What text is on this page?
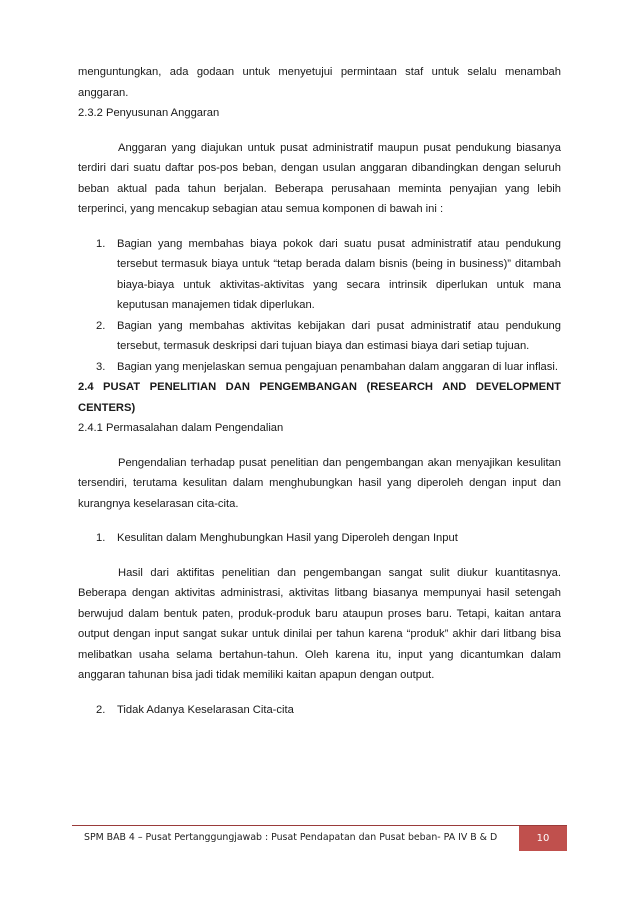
menguntungkan, ada godaan untuk menyetujui permintaan staf untuk selalu menambah anggaran.

2.3.2 Penyusunan Anggaran

Anggaran yang diajukan untuk pusat administratif maupun pusat pendukung biasanya terdiri dari suatu daftar pos-pos beban, dengan usulan anggaran dibandingkan dengan seluruh beban aktual pada tahun berjalan. Beberapa perusahaan meminta penyajian yang lebih terperinci, yang mencakup sebagian atau semua komponen di bawah ini :

1. Bagian yang membahas biaya pokok dari suatu pusat administratif atau pendukung tersebut termasuk biaya untuk “tetap berada dalam bisnis (being in business)” ditambah biaya-biaya untuk aktivitas-aktivitas yang secara intrinsik diperlukan untuk mana keputusan manajemen tidak diperlukan.
2. Bagian yang membahas aktivitas kebijakan dari pusat administratif atau pendukung tersebut, termasuk deskripsi dari tujuan biaya dan estimasi biaya dari setiap tujuan.
3. Bagian yang menjelaskan semua pengajuan penambahan dalam anggaran di luar inflasi.

2.4 PUSAT PENELITIAN DAN PENGEMBANGAN (RESEARCH AND DEVELOPMENT CENTERS)

2.4.1 Permasalahan dalam Pengendalian

Pengendalian terhadap pusat penelitian dan pengembangan akan menyajikan kesulitan tersendiri, terutama kesulitan dalam menghubungkan hasil yang diperoleh dengan input dan kurangnya keselarasan cita-cita.

1. Kesulitan dalam Menghubungkan Hasil yang Diperoleh dengan Input

Hasil dari aktifitas penelitian dan pengembangan sangat sulit diukur kuantitasnya. Beberapa dengan aktivitas administrasi, aktivitas litbang biasanya mempunyai hasil setengah berwujud dalam bentuk paten, produk-produk baru ataupun proses baru. Tetapi, kaitan antara output dengan input sangat sukar untuk dinilai per tahun karena “produk” akhir dari litbang bisa melibatkan usaha selama bertahun-tahun. Oleh karena itu, input yang dicantumkan dalam anggaran tahunan bisa jadi tidak memiliki kaitan apapun dengan output.

2. Tidak Adanya Keselarasan Cita-cita
SPM BAB 4 – Pusat Pertanggungjawab : Pusat Pendapatan dan Pusat beban- PA IV B & D	10
